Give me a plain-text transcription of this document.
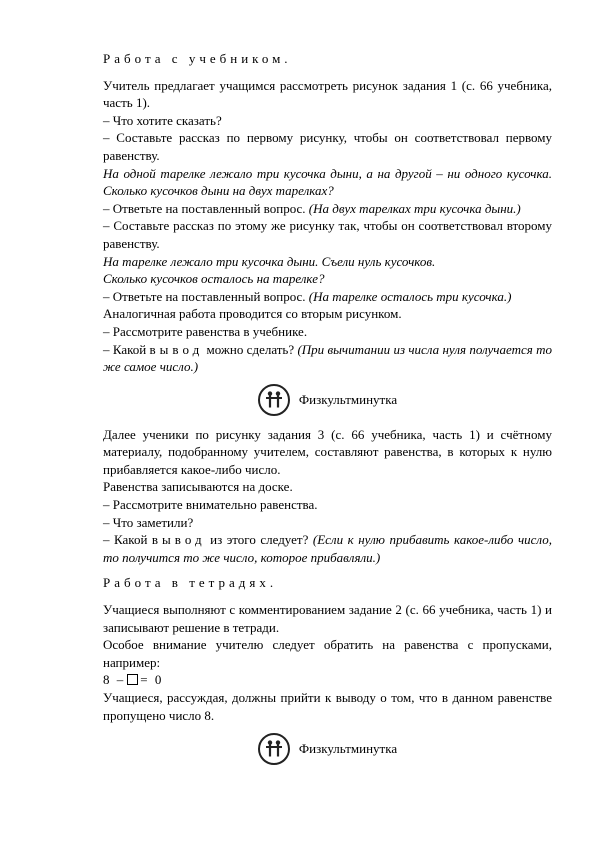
Работа с учебником.

Учитель предлагает учащимся рассмотреть рисунок задания 1 (с. 66 учебника, часть 1).

– Что хотите сказать?

– Составьте рассказ по первому рисунку, чтобы он соответствовал первому равенству.

На одной тарелке лежало три кусочка дыни, а на другой – ни одного кусочка. Сколько кусочков дыни на двух тарелках?

– Ответьте на поставленный вопрос. (На двух тарелках три кусочка дыни.)

– Составьте рассказ по этому же рисунку так, чтобы он соответствовал второму равенству.

На тарелке лежало три кусочка дыни. Съели нуль кусочков.

Сколько кусочков осталось на тарелке?

– Ответьте на поставленный вопрос. (На тарелке осталось три кусочка.)

Аналогичная работа проводится со вторым рисунком.

– Рассмотрите равенства в учебнике.

– Какой вывод можно сделать? (При вычитании из числа нуля получается то же самое число.)

Физкультминутка

Далее ученики по рисунку задания 3 (с. 66 учебника, часть 1) и счётному материалу, подобранному учителем, составляют равенства, в которых к нулю прибавляется какое-либо число.

Равенства записываются на доске.

– Рассмотрите внимательно равенства.

– Что заметили?

– Какой вывод из этого следует? (Если к нулю прибавить какое-либо число, то получится то же число, которое прибавляли.)

Работа в тетрадях.

Учащиеся выполняют с комментированием задание 2 (с. 66 учебника, часть 1) и записывают решение в тетради.

Особое внимание учителю следует обратить на равенства с пропусками, например:

8 – = 0

Учащиеся, рассуждая, должны прийти к выводу о том, что в данном равенстве пропущено число 8.

Физкультминутка
